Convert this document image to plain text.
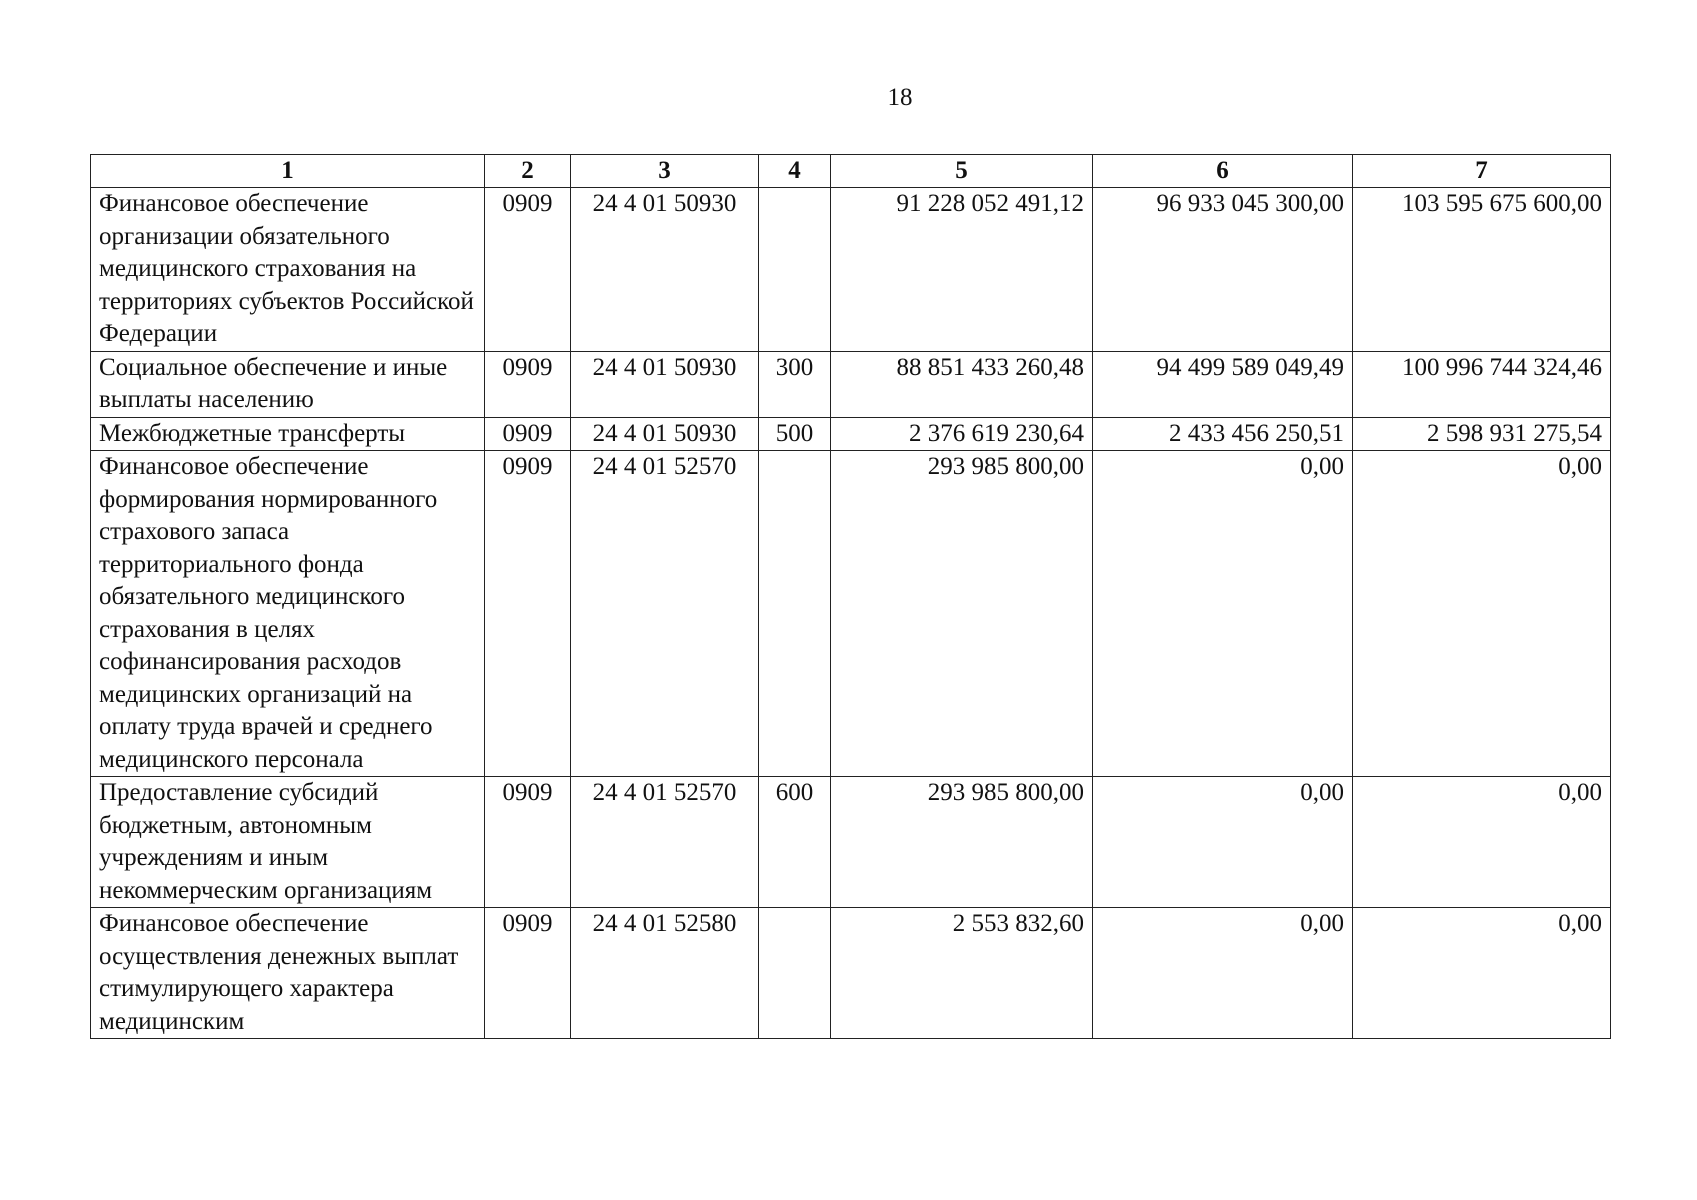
18
1	2	3	4	5	6	7
Финансовое обеспечение организации обязательного медицинского страхования на территориях субъектов Российской Федерации	0909	24 4 01 50930		91 228 052 491,12	96 933 045 300,00	103 595 675 600,00
Социальное обеспечение и иные выплаты населению	0909	24 4 01 50930	300	88 851 433 260,48	94 499 589 049,49	100 996 744 324,46
Межбюджетные трансферты	0909	24 4 01 50930	500	2 376 619 230,64	2 433 456 250,51	2 598 931 275,54
Финансовое обеспечение формирования нормированного страхового запаса территориального фонда обязательного медицинского страхования в целях софинансирования расходов медицинских организаций на оплату труда врачей и среднего медицинского персонала	0909	24 4 01 52570		293 985 800,00	0,00	0,00
Предоставление субсидий бюджетным, автономным учреждениям и иным некоммерческим организациям	0909	24 4 01 52570	600	293 985 800,00	0,00	0,00
Финансовое обеспечение осуществления денежных выплат стимулирующего характера медицинским	0909	24 4 01 52580		2 553 832,60	0,00	0,00
